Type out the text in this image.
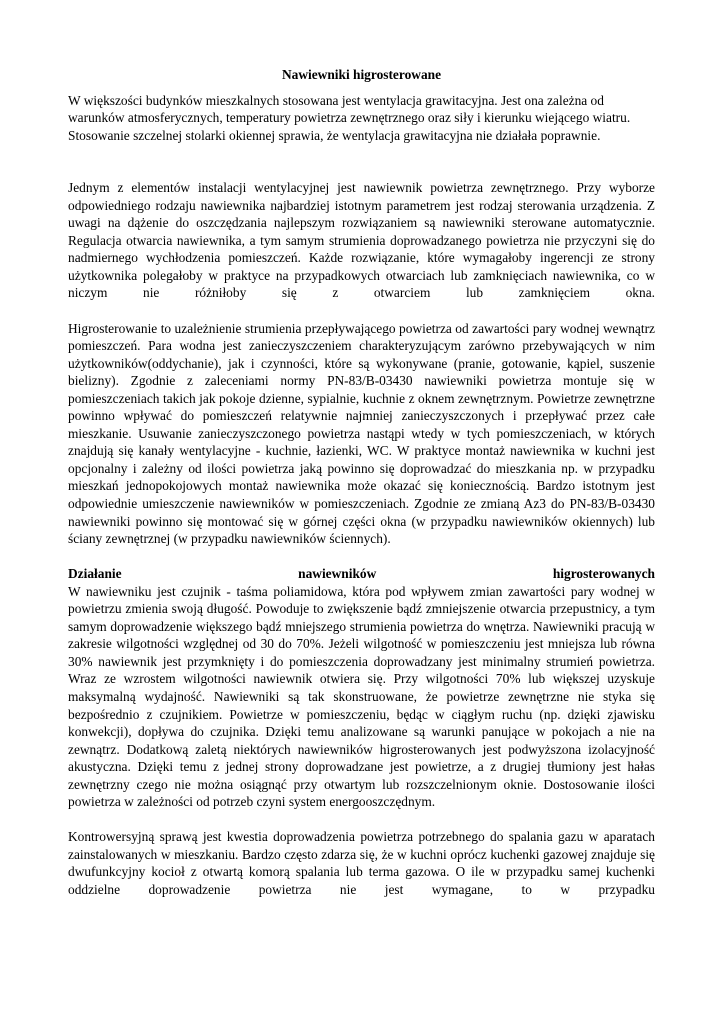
Nawiewniki higrosterowane

W większości budynków mieszkalnych stosowana jest wentylacja grawitacyjna. Jest ona zależna od warunków atmosferycznych, temperatury powietrza zewnętrznego oraz siły i kierunku wiejącego wiatru. Stosowanie szczelnej stolarki okiennej sprawia, że wentylacja grawitacyjna nie działała poprawnie.

Jednym z elementów instalacji wentylacyjnej jest nawiewnik powietrza zewnętrznego. Przy wyborze odpowiedniego rodzaju nawiewnika najbardziej istotnym parametrem jest rodzaj sterowania urządzenia. Z uwagi na dążenie do oszczędzania najlepszym rozwiązaniem są nawiewniki sterowane automatycznie. Regulacja otwarcia nawiewnika, a tym samym strumienia doprowadzanego powietrza nie przyczyni się do nadmiernego wychłodzenia pomieszczeń. Każde rozwiązanie, które wymagałoby ingerencji ze strony użytkownika polegałoby w praktyce na przypadkowych otwarciach lub zamknięciach nawiewnika, co w niczym nie różniłoby się z otwarciem lub zamknięciem okna.

Higrosterowanie to uzależnienie strumienia przepływającego powietrza od zawartości pary wodnej wewnątrz pomieszczeń. Para wodna jest zanieczyszczeniem charakteryzującym zarówno przebywających w nim użytkowników(oddychanie), jak i czynności, które są wykonywane (pranie, gotowanie, kąpiel, suszenie bielizny). Zgodnie z zaleceniami normy PN-83/B-03430 nawiewniki powietrza montuje się w pomieszczeniach takich jak pokoje dzienne, sypialnie, kuchnie z oknem zewnętrznym. Powietrze zewnętrzne powinno wpływać do pomieszczeń relatywnie najmniej zanieczyszczonych i przepływać przez całe mieszkanie. Usuwanie zanieczyszczonego powietrza nastąpi wtedy w tych pomieszczeniach, w których znajdują się kanały wentylacyjne - kuchnie, łazienki, WC. W praktyce montaż nawiewnika w kuchni jest opcjonalny i zależny od ilości powietrza jaką powinno się doprowadzać do mieszkania np. w przypadku mieszkań jednopokojowych montaż nawiewnika może okazać się koniecznością. Bardzo istotnym jest odpowiednie umieszczenie nawiewników w pomieszczeniach. Zgodnie ze zmianą Az3 do PN-83/B-03430 nawiewniki powinno się montować się w górnej części okna (w przypadku nawiewników okiennych) lub ściany zewnętrznej (w przypadku nawiewników ściennych).

Działanie	nawiewników	higrosterowanych

W nawiewniku jest czujnik - taśma poliamidowa, która pod wpływem zmian zawartości pary wodnej w powietrzu zmienia swoją długość. Powoduje to zwiększenie bądź zmniejszenie otwarcia przepustnicy, a tym samym doprowadzenie większego bądź mniejszego strumienia powietrza do wnętrza. Nawiewniki pracują w zakresie wilgotności względnej od 30 do 70%. Jeżeli wilgotność w pomieszczeniu jest mniejsza lub równa 30% nawiewnik jest przymknięty i do pomieszczenia doprowadzany jest minimalny strumień powietrza. Wraz ze wzrostem wilgotności nawiewnik otwiera się. Przy wilgotności 70% lub większej uzyskuje maksymalną wydajność. Nawiewniki są tak skonstruowane, że powietrze zewnętrzne nie styka się bezpośrednio z czujnikiem. Powietrze w pomieszczeniu, będąc w ciągłym ruchu (np. dzięki zjawisku konwekcji), dopływa do czujnika. Dzięki temu analizowane są warunki panujące w pokojach a nie na zewnątrz. Dodatkową zaletą niektórych nawiewników higrosterowanych jest podwyższona izolacyjność akustyczna. Dzięki temu z jednej strony doprowadzane jest powietrze, a z drugiej tłumiony jest hałas zewnętrzny czego nie można osiągnąć przy otwartym lub rozszczelnionym oknie. Dostosowanie ilości powietrza w zależności od potrzeb czyni system energooszczędnym.

Kontrowersyjną sprawą jest kwestia doprowadzenia powietrza potrzebnego do spalania gazu w aparatach zainstalowanych w mieszkaniu. Bardzo często zdarza się, że w kuchni oprócz kuchenki gazowej znajduje się dwufunkcyjny kocioł z otwartą komorą spalania lub terma gazowa. O ile w przypadku samej kuchenki oddzielne doprowadzenie powietrza nie jest wymagane, to w przypadku
